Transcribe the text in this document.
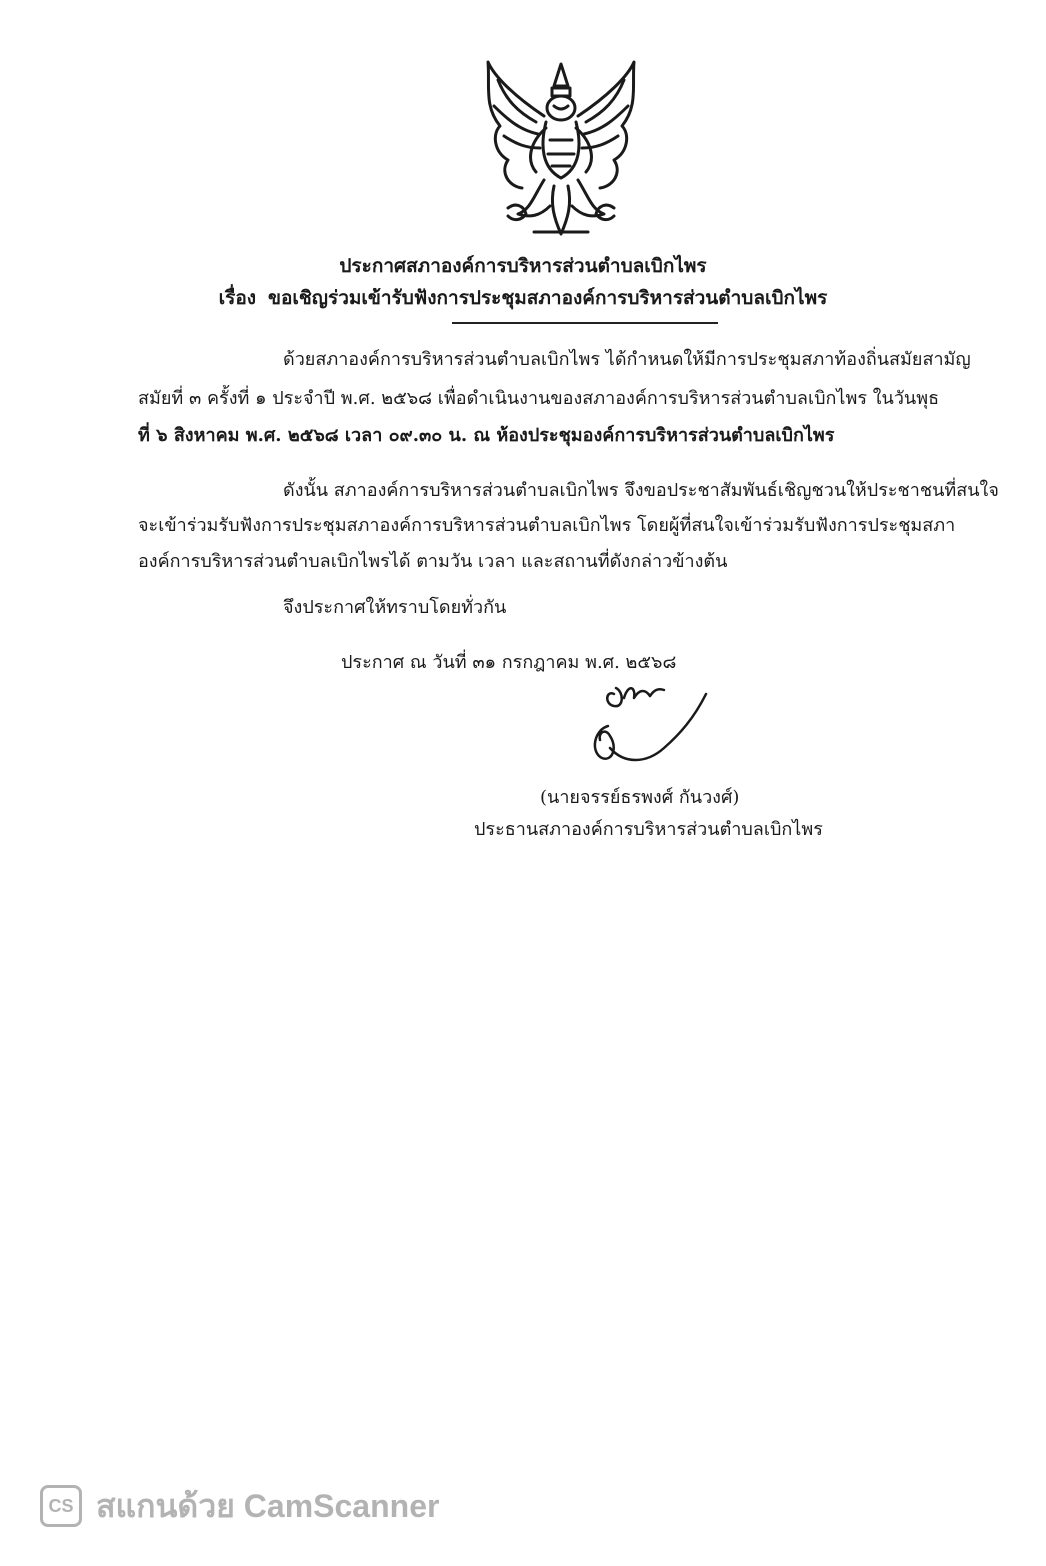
ประกาศสภาองค์การบริหารส่วนตำบลเบิกไพร
เรื่อง ขอเชิญร่วมเข้ารับฟังการประชุมสภาองค์การบริหารส่วนตำบลเบิกไพร
ด้วยสภาองค์การบริหารส่วนตำบลเบิกไพร ได้กำหนดให้มีการประชุมสภาท้องถิ่นสมัยสามัญ
สมัยที่ ๓ ครั้งที่ ๑ ประจำปี พ.ศ. ๒๕๖๘ เพื่อดำเนินงานของสภาองค์การบริหารส่วนตำบลเบิกไพร ในวันพุธ
ที่ ๖ สิงหาคม พ.ศ. ๒๕๖๘ เวลา ๐๙.๓๐ น. ณ ห้องประชุมองค์การบริหารส่วนตำบลเบิกไพร
ดังนั้น สภาองค์การบริหารส่วนตำบลเบิกไพร จึงขอประชาสัมพันธ์เชิญชวนให้ประชาชนที่สนใจ
จะเข้าร่วมรับฟังการประชุมสภาองค์การบริหารส่วนตำบลเบิกไพร โดยผู้ที่สนใจเข้าร่วมรับฟังการประชุมสภา
องค์การบริหารส่วนตำบลเบิกไพรได้ ตามวัน เวลา และสถานที่ดังกล่าวข้างต้น
จึงประกาศให้ทราบโดยทั่วกัน
ประกาศ ณ วันที่ ๓๑ กรกฎาคม พ.ศ. ๒๕๖๘
(นายจรรย์ธรพงศ์ กันวงศ์)
ประธานสภาองค์การบริหารส่วนตำบลเบิกไพร
CS สแกนด้วย CamScanner
